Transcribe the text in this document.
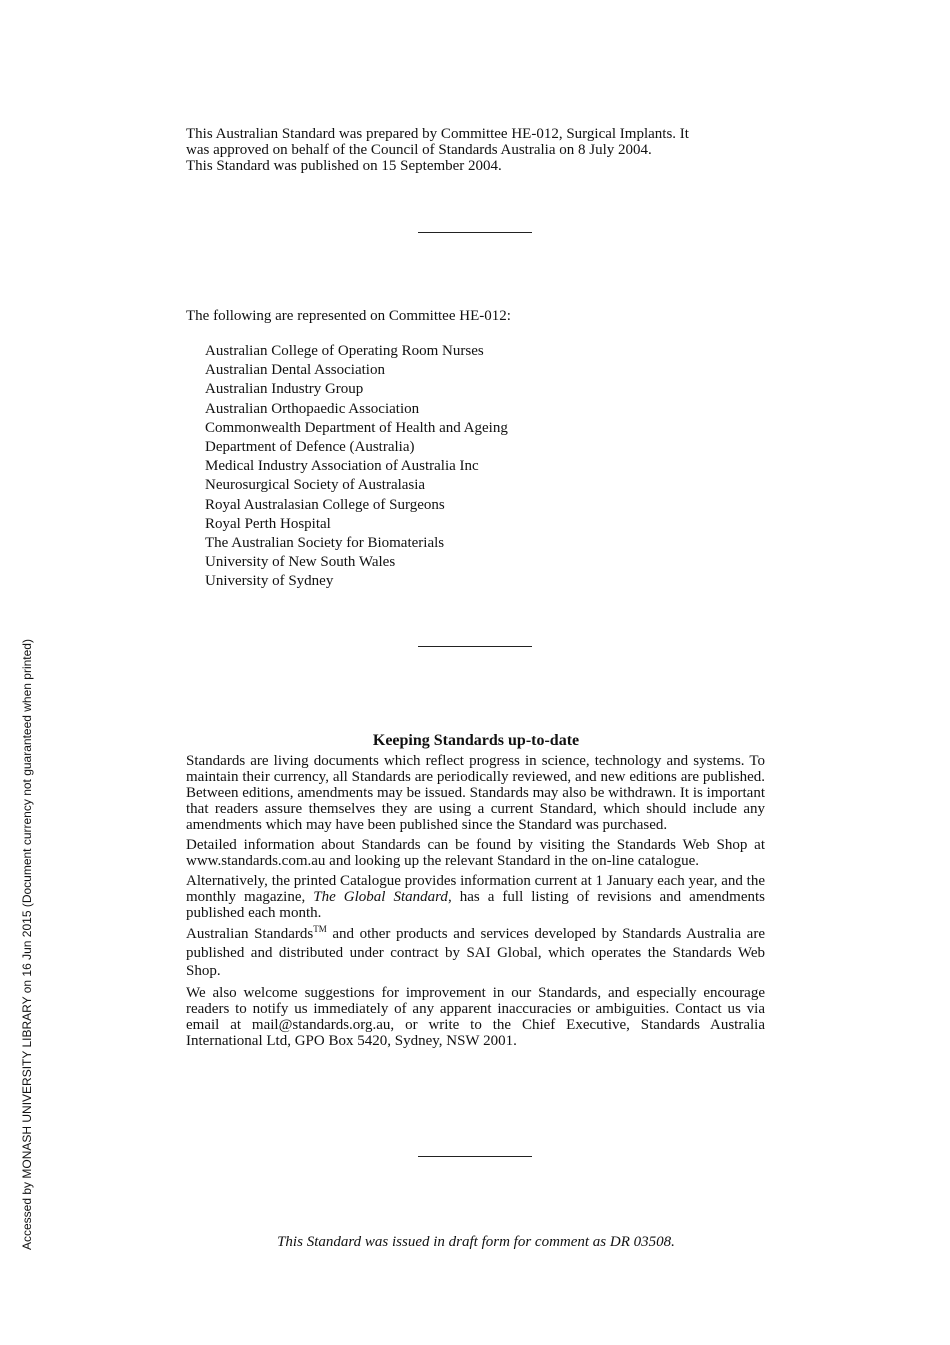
This Australian Standard was prepared by Committee HE-012, Surgical Implants. It
was approved on behalf of the Council of Standards Australia on 8 July 2004.
This Standard was published on 15 September 2004.
The following are represented on Committee HE-012:
Australian College of Operating Room Nurses
Australian Dental Association
Australian Industry Group
Australian Orthopaedic Association
Commonwealth Department of Health and Ageing
Department of Defence (Australia)
Medical Industry Association of Australia Inc
Neurosurgical Society of Australasia
Royal Australasian College of Surgeons
Royal Perth Hospital
The Australian Society for Biomaterials
University of New South Wales
University of Sydney
Keeping Standards up-to-date

Standards are living documents which reflect progress in science, technology and systems. To maintain their currency, all Standards are periodically reviewed, and new editions are published. Between editions, amendments may be issued. Standards may also be withdrawn. It is important that readers assure themselves they are using a current Standard, which should include any amendments which may have been published since the Standard was purchased.

Detailed information about Standards can be found by visiting the Standards Web Shop at www.standards.com.au and looking up the relevant Standard in the on-line catalogue.

Alternatively, the printed Catalogue provides information current at 1 January each year, and the monthly magazine, The Global Standard, has a full listing of revisions and amendments published each month.

Australian Standards™ and other products and services developed by Standards Australia are published and distributed under contract by SAI Global, which operates the Standards Web Shop.

We also welcome suggestions for improvement in our Standards, and especially encourage readers to notify us immediately of any apparent inaccuracies or ambiguities. Contact us via email at mail@standards.org.au, or write to the Chief Executive, Standards Australia International Ltd, GPO Box 5420, Sydney, NSW 2001.

This Standard was issued in draft form for comment as DR 03508.
Accessed by MONASH UNIVERSITY LIBRARY on 16 Jun 2015 (Document currency not guaranteed when printed)
